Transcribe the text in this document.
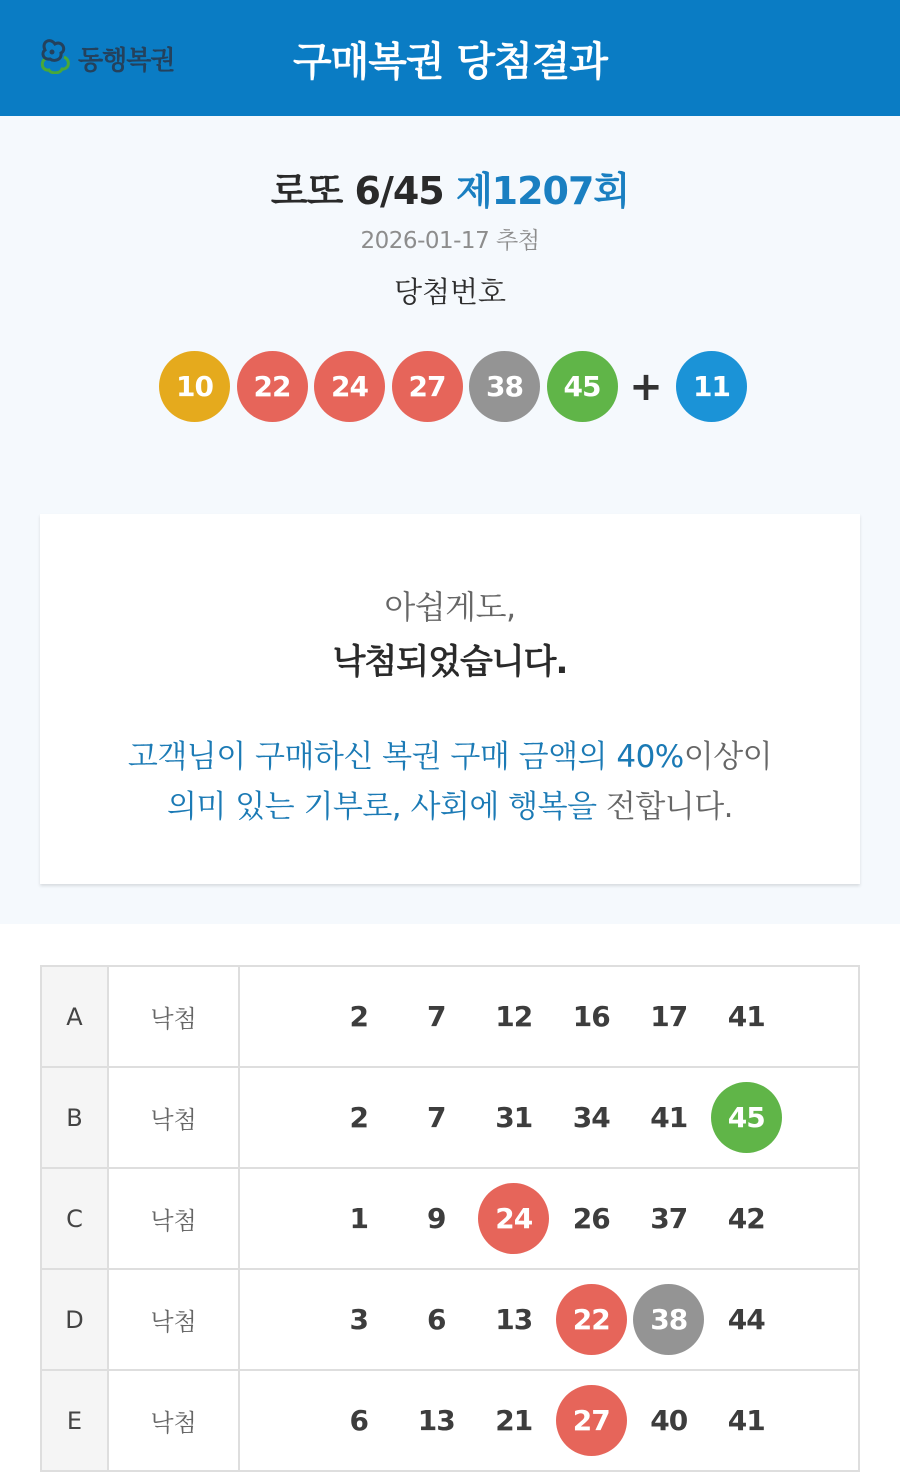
동행복권	구매복권 당첨결과
로또 6/45 제1207회
2026-01-17 추첨
당첨번호
10	22	24	27	38	45 +	11
아쉽게도,
낙첨되었습니다.
고객님이 구매하신 복권 구매 금액의 40%이상이
의미 있는 기부로, 사회에 행복을 전합니다.
A	낙첨	2	7	12	16	17	41

B	낙첨	2	7	31	34	41	45

C	낙첨	1	9	24	26	37	42

D	낙첨	3	6	13	22	38	44

E	낙첨	6	13	21	27	40	41
